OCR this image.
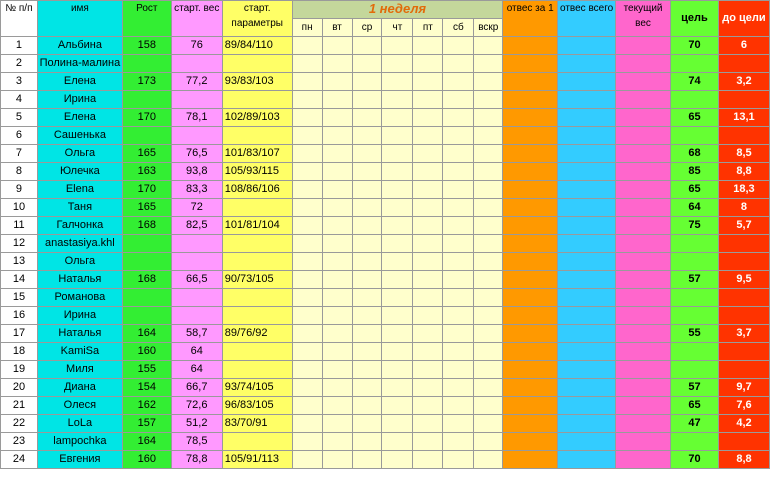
№ п/п	имя	Рост	старт. вес	старт. параметры	1 неделя							отвес за 1	отвес всего	текущий вес	цель	до цели
					пн	вт	ср	чт	пт	сб	вскр					
1	Альбина	158	76	89/84/110											70	6
2	Полина-малина															
3	Елена	173	77,2	93/83/103											74	3,2
4	Ирина															
5	Елена	170	78,1	102/89/103											65	13,1
6	Сашенька															
7	Ольга	165	76,5	101/83/107											68	8,5
8	Юлечка	163	93,8	105/93/115											85	8,8
9	Elena	170	83,3	108/86/106											65	18,3
10	Таня	165	72												64	8
11	Галчонка	168	82,5	101/81/104											75	5,7
12	anastasiya.khl															
13	Ольга															
14	Наталья	168	66,5	90/73/105											57	9,5
15	Романова															
16	Ирина															
17	Наталья	164	58,7	89/76/92											55	3,7
18	KamiSa	160	64													
19	Миля	155	64													
20	Диана	154	66,7	93/74/105											57	9,7
21	Олеся	162	72,6	96/83/105											65	7,6
22	LoLa	157	51,2	83/70/91											47	4,2
23	lampochka	164	78,5													
24	Евгения	160	78,8	105/91/113											70	8,8
